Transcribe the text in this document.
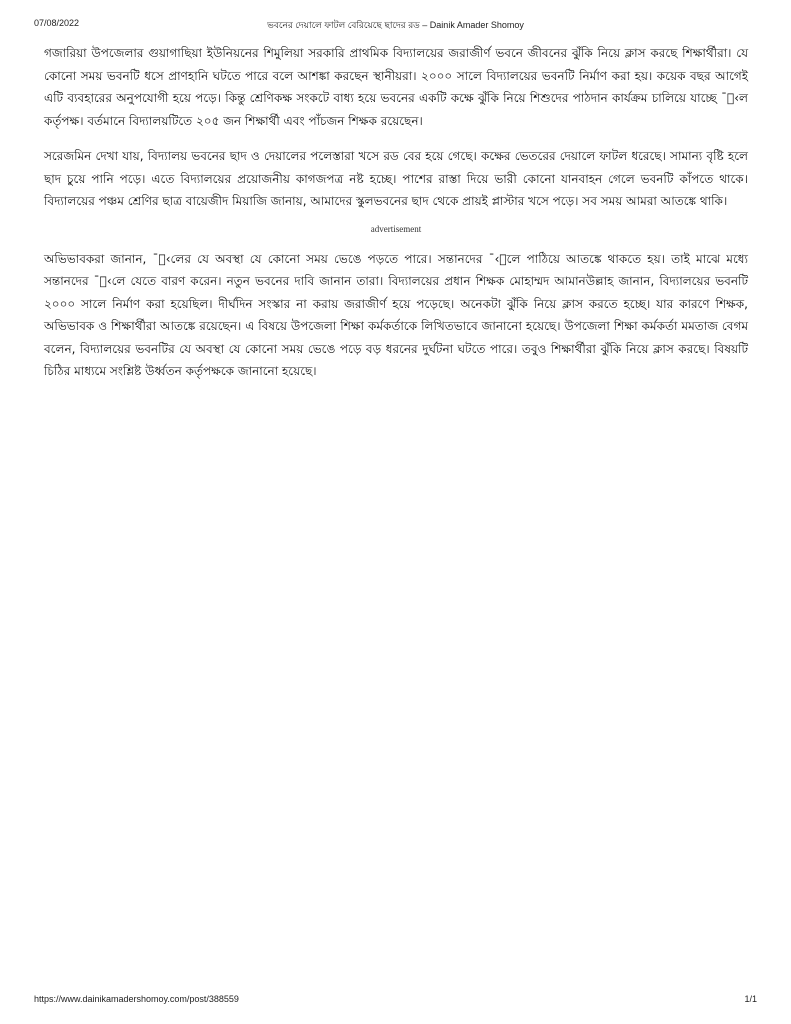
07/08/2022	ভবনের দেয়ালে ফাটল বেরিয়েছে ছাদের রড – Dainik Amader Shomoy

গজারিয়া উপজেলার গুয়াগাছিয়া ইউনিয়নের শিমুলিয়া সরকারি প্রাথমিক বিদ্যালয়ের জরাজীর্ণ ভবনে জীবনের ঝুঁকি নিয়ে ক্লাস করছে শিক্ষার্থীরা। যে কোনো সময় ভবনটি ধসে প্রাণহানি ঘটতে পারে বলে আশঙ্কা করছেন স্থানীয়রা। ২০০০ সালে বিদ্যালয়ের ভবনটি নির্মাণ করা হয়। কয়েক বছর আগেই এটি ব্যবহারের অনুপযোগী হয়ে পড়ে। কিন্তু শ্রেণিকক্ষ সংকটে বাধ্য হয়ে ভবনের একটি কক্ষে ঝুঁকি নিয়ে শিশুদের পাঠদান কার্যক্রম চালিয়ে যাচ্ছে ¯ু‹ল কর্তৃপক্ষ। বর্তমানে বিদ্যালয়টিতে ২০৫ জন শিক্ষার্থী এবং পাঁচজন শিক্ষক রয়েছেন।

সরেজমিন দেখা যায়, বিদ্যালয় ভবনের ছাদ ও দেয়ালের পলেস্তারা খসে রড বের হয়ে গেছে। কক্ষের ভেতরের দেয়ালে ফাটল ধরেছে। সামান্য বৃষ্টি হলে ছাদ চুয়ে পানি পড়ে। এতে বিদ্যালয়ের প্রয়োজনীয় কাগজপত্র নষ্ট হচ্ছে। পাশের রাস্তা দিয়ে ভারী কোনো যানবাহন গেলে ভবনটি কাঁপতে থাকে। বিদ্যালয়ের পঞ্চম শ্রেণির ছাত্র বায়েজীদ মিয়াজি জানায়, আমাদের স্কুলভবনের ছাদ থেকে প্রায়ই প্লাস্টার খসে পড়ে। সব সময় আমরা আতঙ্কে থাকি।

advertisement

অভিভাবকরা জানান, ¯ু‹লের যে অবস্থা যে কোনো সময় ভেঙে পড়তে পারে। সন্তানদের ¯‹ুলে পাঠিয়ে আতঙ্কে থাকতে হয়। তাই মাঝে মধ্যে সন্তানদের ¯ু‹লে যেতে বারণ করেন। নতুন ভবনের দাবি জানান তারা। বিদ্যালয়ের প্রধান শিক্ষক মোহাম্মদ আমানউল্লাহ জানান, বিদ্যালয়ের ভবনটি ২০০০ সালে নির্মাণ করা হয়েছিল। দীর্ঘদিন সংস্কার না করায় জরাজীর্ণ হয়ে পড়েছে। অনেকটা ঝুঁকি নিয়ে ক্লাস করতে হচ্ছে। যার কারণে শিক্ষক, অভিভাবক ও শিক্ষার্থীরা আতঙ্কে রয়েছেন। এ বিষয়ে উপজেলা শিক্ষা কর্মকর্তাকে লিখিতভাবে জানানো হয়েছে। উপজেলা শিক্ষা কর্মকর্তা মমতাজ বেগম বলেন, বিদ্যালয়ের ভবনটির যে অবস্থা যে কোনো সময় ভেঙে পড়ে বড় ধরনের দুর্ঘটনা ঘটতে পারে। তবুও শিক্ষার্থীরা ঝুঁকি নিয়ে ক্লাস করছে। বিষয়টি চিঠির মাধ্যমে সংশ্লিষ্ট উর্ধ্বতন কর্তৃপক্ষকে জানানো হয়েছে।

https://www.dainikamadershomoy.com/post/388559	1/1
